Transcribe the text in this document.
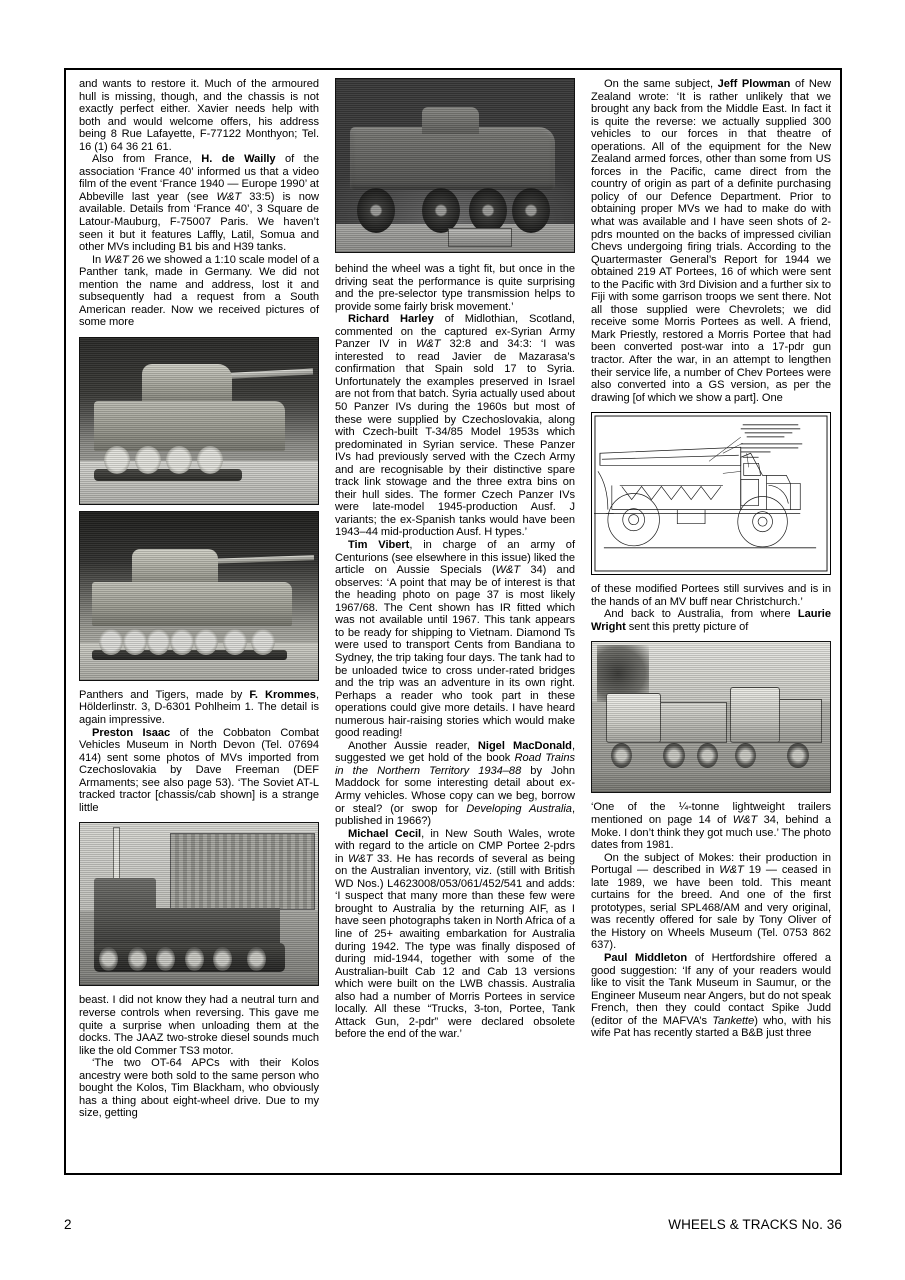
and wants to restore it. Much of the armoured hull is missing, though, and the chassis is not exactly perfect either. Xavier needs help with both and would welcome offers, his address being 8 Rue Lafayette, F-77122 Monthyon; Tel. 16 (1) 64 36 21 61.

Also from France, H. de Wailly of the association ‘France 40’ informed us that a video film of the event ‘France 1940 — Europe 1990’ at Abbeville last year (see W&T 33:5) is now available. Details from ‘France 40’, 3 Square de Latour-Mauburg, F-75007 Paris. We haven’t seen it but it features Laffly, Latil, Somua and other MVs including B1 bis and H39 tanks.

In W&T 26 we showed a 1:10 scale model of a Panther tank, made in Germany. We did not mention the name and address, lost it and subsequently had a request from a South American reader. Now we received pictures of some more

Panthers and Tigers, made by F. Krommes, Hölderlinstr. 3, D-6301 Pohlheim 1. The detail is again impressive.

Preston Isaac of the Cobbaton Combat Vehicles Museum in North Devon (Tel. 07694 414) sent some photos of MVs imported from Czechoslovakia by Dave Freeman (DEF Armaments; see also page 53). ‘The Soviet AT-L tracked tractor [chassis/cab shown] is a strange little

beast. I did not know they had a neutral turn and reverse controls when reversing. This gave me quite a surprise when unloading them at the docks. The JAAZ two-stroke diesel sounds much like the old Commer TS3 motor.

‘The two OT-64 APCs with their Kolos ancestry were both sold to the same person who bought the Kolos, Tim Blackham, who obviously has a thing about eight-wheel drive. Due to my size, getting

behind the wheel was a tight fit, but once in the driving seat the performance is quite surprising and the pre-selector type transmission helps to provide some fairly brisk movement.’

Richard Harley of Midlothian, Scotland, commented on the captured ex-Syrian Army Panzer IV in W&T 32:8 and 34:3: ‘I was interested to read Javier de Mazarasa’s confirmation that Spain sold 17 to Syria. Unfortunately the examples preserved in Israel are not from that batch. Syria actually used about 50 Panzer IVs during the 1960s but most of these were supplied by Czechoslovakia, along with Czech-built T-34/85 Model 1953s which predominated in Syrian service. These Panzer IVs had previously served with the Czech Army and are recognisable by their distinctive spare track link stowage and the three extra bins on their hull sides. The former Czech Panzer IVs were late-model 1945-production Ausf. J variants; the ex-Spanish tanks would have been 1943–44 mid-production Ausf. H types.’

Tim Vibert, in charge of an army of Centurions (see elsewhere in this issue) liked the article on Aussie Specials (W&T 34) and observes: ‘A point that may be of interest is that the heading photo on page 37 is most likely 1967/68. The Cent shown has IR fitted which was not available until 1967. This tank appears to be ready for shipping to Vietnam. Diamond Ts were used to transport Cents from Bandiana to Sydney, the trip taking four days. The tank had to be unloaded twice to cross under-rated bridges and the trip was an adventure in its own right. Perhaps a reader who took part in these operations could give more details. I have heard numerous hair-raising stories which would make good reading!

Another Aussie reader, Nigel MacDonald, suggested we get hold of the book Road Trains in the Northern Territory 1934–88 by John Maddock for some interesting detail about ex-Army vehicles. Whose copy can we beg, borrow or steal? (or swop for Developing Australia, published in 1966?)

Michael Cecil, in New South Wales, wrote with regard to the article on CMP Portee 2-pdrs in W&T 33. He has records of several as being on the Australian inventory, viz. (still with British WD Nos.) L4623008/053/061/452/541 and adds: ‘I suspect that many more than these few were brought to Australia by the returning AIF, as I have seen photographs taken in North Africa of a line of 25+ awaiting embarkation for Australia during 1942. The type was finally disposed of during mid-1944, together with some of the Australian-built Cab 12 and Cab 13 versions which were built on the LWB chassis. Australia also had a number of Morris Portees in service locally. All these “Trucks, 3-ton, Portee, Tank Attack Gun, 2-pdr” were declared obsolete before the end of the war.’

On the same subject, Jeff Plowman of New Zealand wrote: ‘It is rather unlikely that we brought any back from the Middle East. In fact it is quite the reverse: we actually supplied 300 vehicles to our forces in that theatre of operations. All of the equipment for the New Zealand armed forces, other than some from US forces in the Pacific, came direct from the country of origin as part of a definite purchasing policy of our Defence Department. Prior to obtaining proper MVs we had to make do with what was available and I have seen shots of 2-pdrs mounted on the backs of impressed civilian Chevs undergoing firing trials. According to the Quartermaster General’s Report for 1944 we obtained 219 AT Portees, 16 of which were sent to the Pacific with 3rd Division and a further six to Fiji with some garrison troops we sent there. Not all those supplied were Chevrolets; we did receive some Morris Portees as well. A friend, Mark Priestly, restored a Morris Portee that had been converted post-war into a 17-pdr gun tractor. After the war, in an attempt to lengthen their service life, a number of Chev Portees were also converted into a GS version, as per the drawing [of which we show a part]. One

of these modified Portees still survives and is in the hands of an MV buff near Christchurch.’

And back to Australia, from where Laurie Wright sent this pretty picture of

‘One of the ¼-tonne lightweight trailers mentioned on page 14 of W&T 34, behind a Moke. I don’t think they got much use.’ The photo dates from 1981.

On the subject of Mokes: their production in Portugal — described in W&T 19 — ceased in late 1989, we have been told. This meant curtains for the breed. And one of the first prototypes, serial SPL468/AM and very original, was recently offered for sale by Tony Oliver of the History on Wheels Museum (Tel. 0753 862 637).

Paul Middleton of Hertfordshire offered a good suggestion: ‘If any of your readers would like to visit the Tank Museum in Saumur, or the Engineer Museum near Angers, but do not speak French, then they could contact Spike Judd (editor of the MAFVA’s Tankette) who, with his wife Pat has recently started a B&B just three

2	WHEELS & TRACKS No. 36
